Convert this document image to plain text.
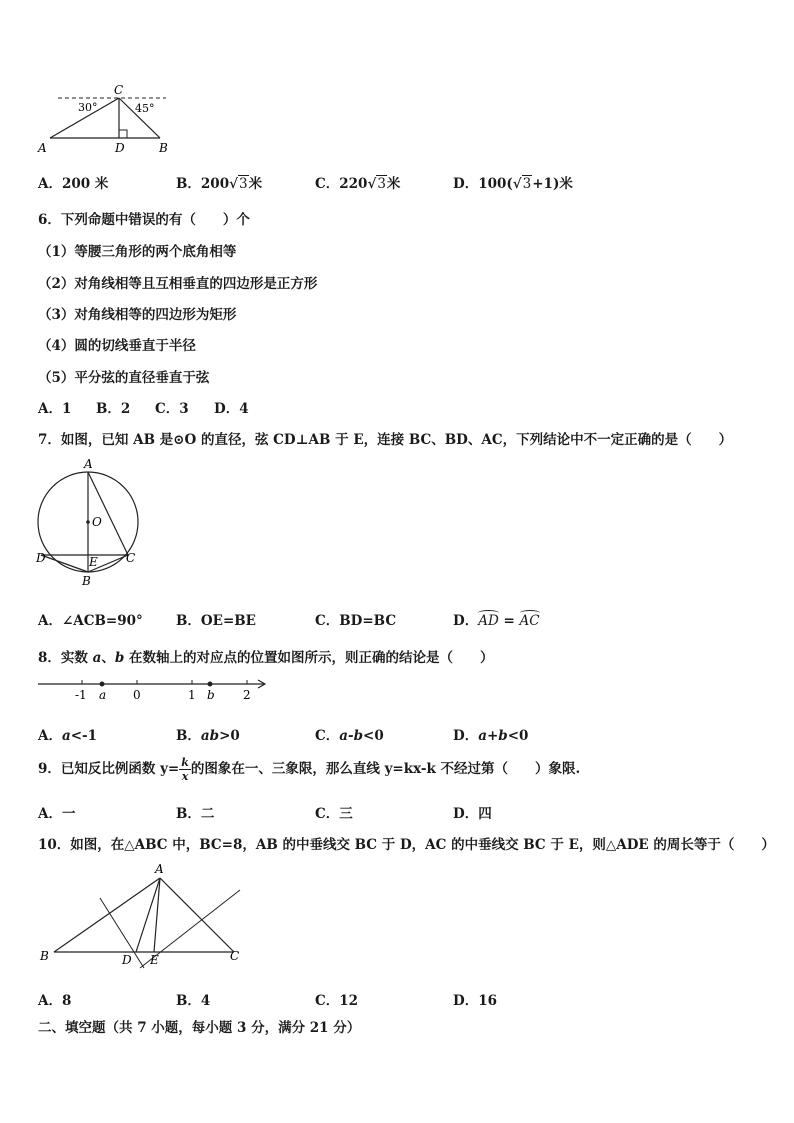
C
A	D	B
30°	45°
A．200 米	B．200√3米	C．220√3米	D．100(√3+1)米
6．下列命题中错误的有（　　）个
（1）等腰三角形的两个底角相等
（2）对角线相等且互相垂直的四边形是正方形
（3）对角线相等的四边形为矩形
（4）圆的切线垂直于半径
（5）平分弦的直径垂直于弦
A．1 B．2 C．3 D．4
7．如图，已知 AB 是⊙O 的直径，弦 CD⊥AB 于 E，连接 BC、BD、AC，下列结论中不一定正确的是（　　）
A
O
D	E C
B
A．∠ACB=90° B．OE=BE	C．BD=BC	D．AD = AC
8．实数 a、b 在数轴上的对应点的位置如图所示，则正确的结论是（　　）
-1 a 0	1 b 2
A．a<-1	B．ab>0	C．a-b<0	D．a+b<0
9．已知反比例函数 $y= \frac{k}{x}$ 的图象在一、三象限，那么直线 y=kx-k 不经过第（　　）象限.
A．一	B．二	C．三	D．四
10．如图，在△ABC 中，BC=8，AB 的中垂线交 BC 于 D，AC 的中垂线交 BC 于 E，则△ADE 的周长等于（　　）
A
B	D E	C
A．8	B．4	C．12	D．16
二、填空题（共 7 小题，每小题 3 分，满分 21 分）
